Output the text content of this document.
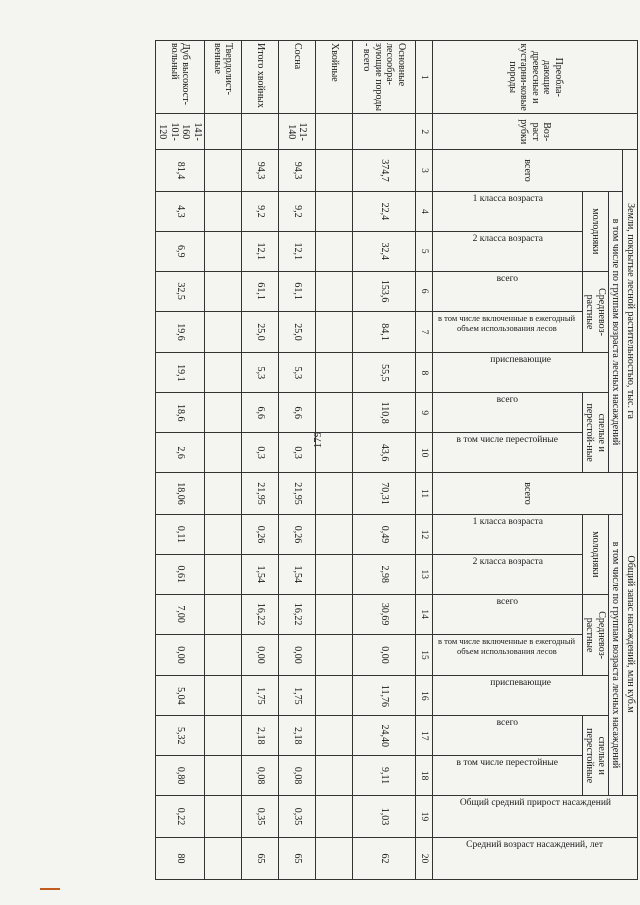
179
Преобла-дающие древесные и кустарни-ковые породы	Воз-раст рубки	Земли, покрытые лесной растительностью, тыс. га								Общий запас насаждений, млн куб.м								Общий средний прирост насаждений	Средний возраст насаждений, лет

		всего	в том числе по группам возраста лесных насаждений							всего	в том числе по группам возраста лесных насаждений								
			молодняки		Средневоз-растные		приспевающие	спелые и перестой-ные			молодняки		Средневоз-растные		приспевающие	спелые и перестойные			

			1 класса возраста	2 класса возраста	всего	в том числе включенные в ежегодный объем использования лесов		всего	в том числе перестойные		1 класса возраста	2 класса возраста	всего	в том числе включенные в ежегодный объем использования лесов		всего	в том числе перестойные		

1	2	3	4	5	6	7	8	9	10	11	12	13	14	15	16	17	18	19	20
Основные лесообра-зующие породы - всего		374,7	22,4	32,4	153,6	84,1	55,5	110,8	43,6	70,31	0,49	2,98	30,69	0,00	11,76	24,40	9,11	1,03	62
Хвойные																			
Сосна	121-140	94,3	9,2	12,1	61,1	25,0	5,3	6,6	0,3	21,95	0,26	1,54	16,22	0,00	1,75	2,18	0,08	0,35	65
Итого хвойных		94,3	9,2	12,1	61,1	25,0	5,3	6,6	0,3	21,95	0,26	1,54	16,22	0,00	1,75	2,18	0,08	0,35	65
Твердолист-венные																			
Дуб высокост-вольный	141-160 101-120	81,4	4,3	6,9	32,5	19,6	19,1	18,6	2,6	18,06	0,11	0,61	7,00	0,00	5,04	5,32	0,80	0,22	80
